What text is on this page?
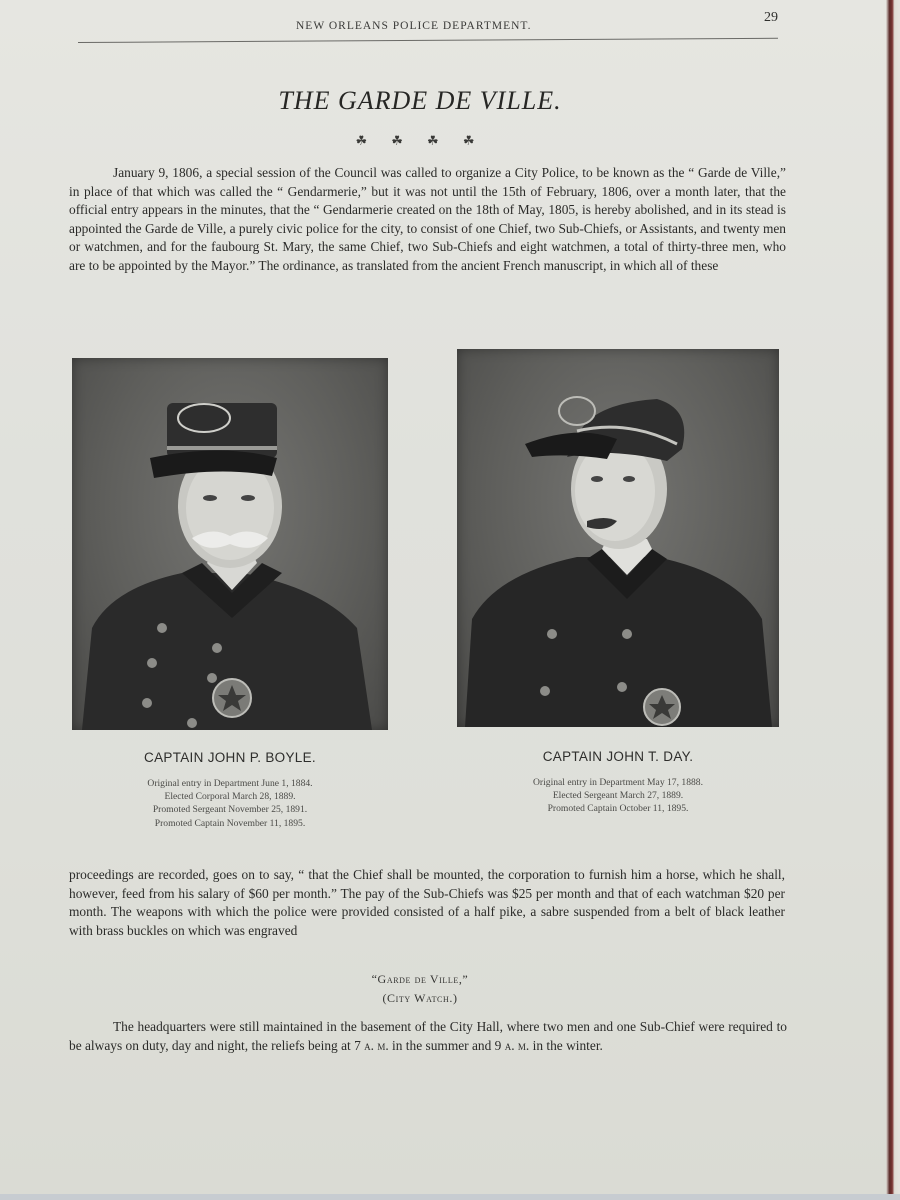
NEW ORLEANS POLICE DEPARTMENT.
29
THE GARDE DE VILLE.
☘ ☘ ☘ ☘
January 9, 1806, a special session of the Council was called to organize a City Police, to be known as the “ Garde de Ville,” in place of that which was called the “ Gendarmerie,” but it was not until the 15th of February, 1806, over a month later, that the official entry appears in the minutes, that the “ Gendarmerie created on the 18th of May, 1805, is hereby abolished, and in its stead is appointed the Garde de Ville, a purely civic police for the city, to consist of one Chief, two Sub-Chiefs, or Assistants, and twenty men or watchmen, and for the faubourg St. Mary, the same Chief, two Sub-Chiefs and eight watchmen, a total of thirty-three men, who are to be appointed by the Mayor.” The ordinance, as translated from the ancient French manuscript, in which all of these
CAPTAIN JOHN P. BOYLE.
Original entry in Department June 1, 1884.
Elected Corporal March 28, 1889.
Promoted Sergeant November 25, 1891.
Promoted Captain November 11, 1895.
CAPTAIN JOHN T. DAY.
Original entry in Department May 17, 1888.
Elected Sergeant March 27, 1889.
Promoted Captain October 11, 1895.
proceedings are recorded, goes on to say, “ that the Chief shall be mounted, the corporation to furnish him a horse, which he shall, however, feed from his salary of $60 per month.” The pay of the Sub-Chiefs was $25 per month and that of each watchman $20 per month. The weapons with which the police were provided consisted of a half pike, a sabre suspended from a belt of black leather with brass buckles on which was engraved
“Garde de Ville,”
(City Watch.)
The headquarters were still maintained in the basement of the City Hall, where two men and one Sub-Chief were required to be always on duty, day and night, the reliefs being at 7 a. m. in the summer and 9 a. m. in the winter.
